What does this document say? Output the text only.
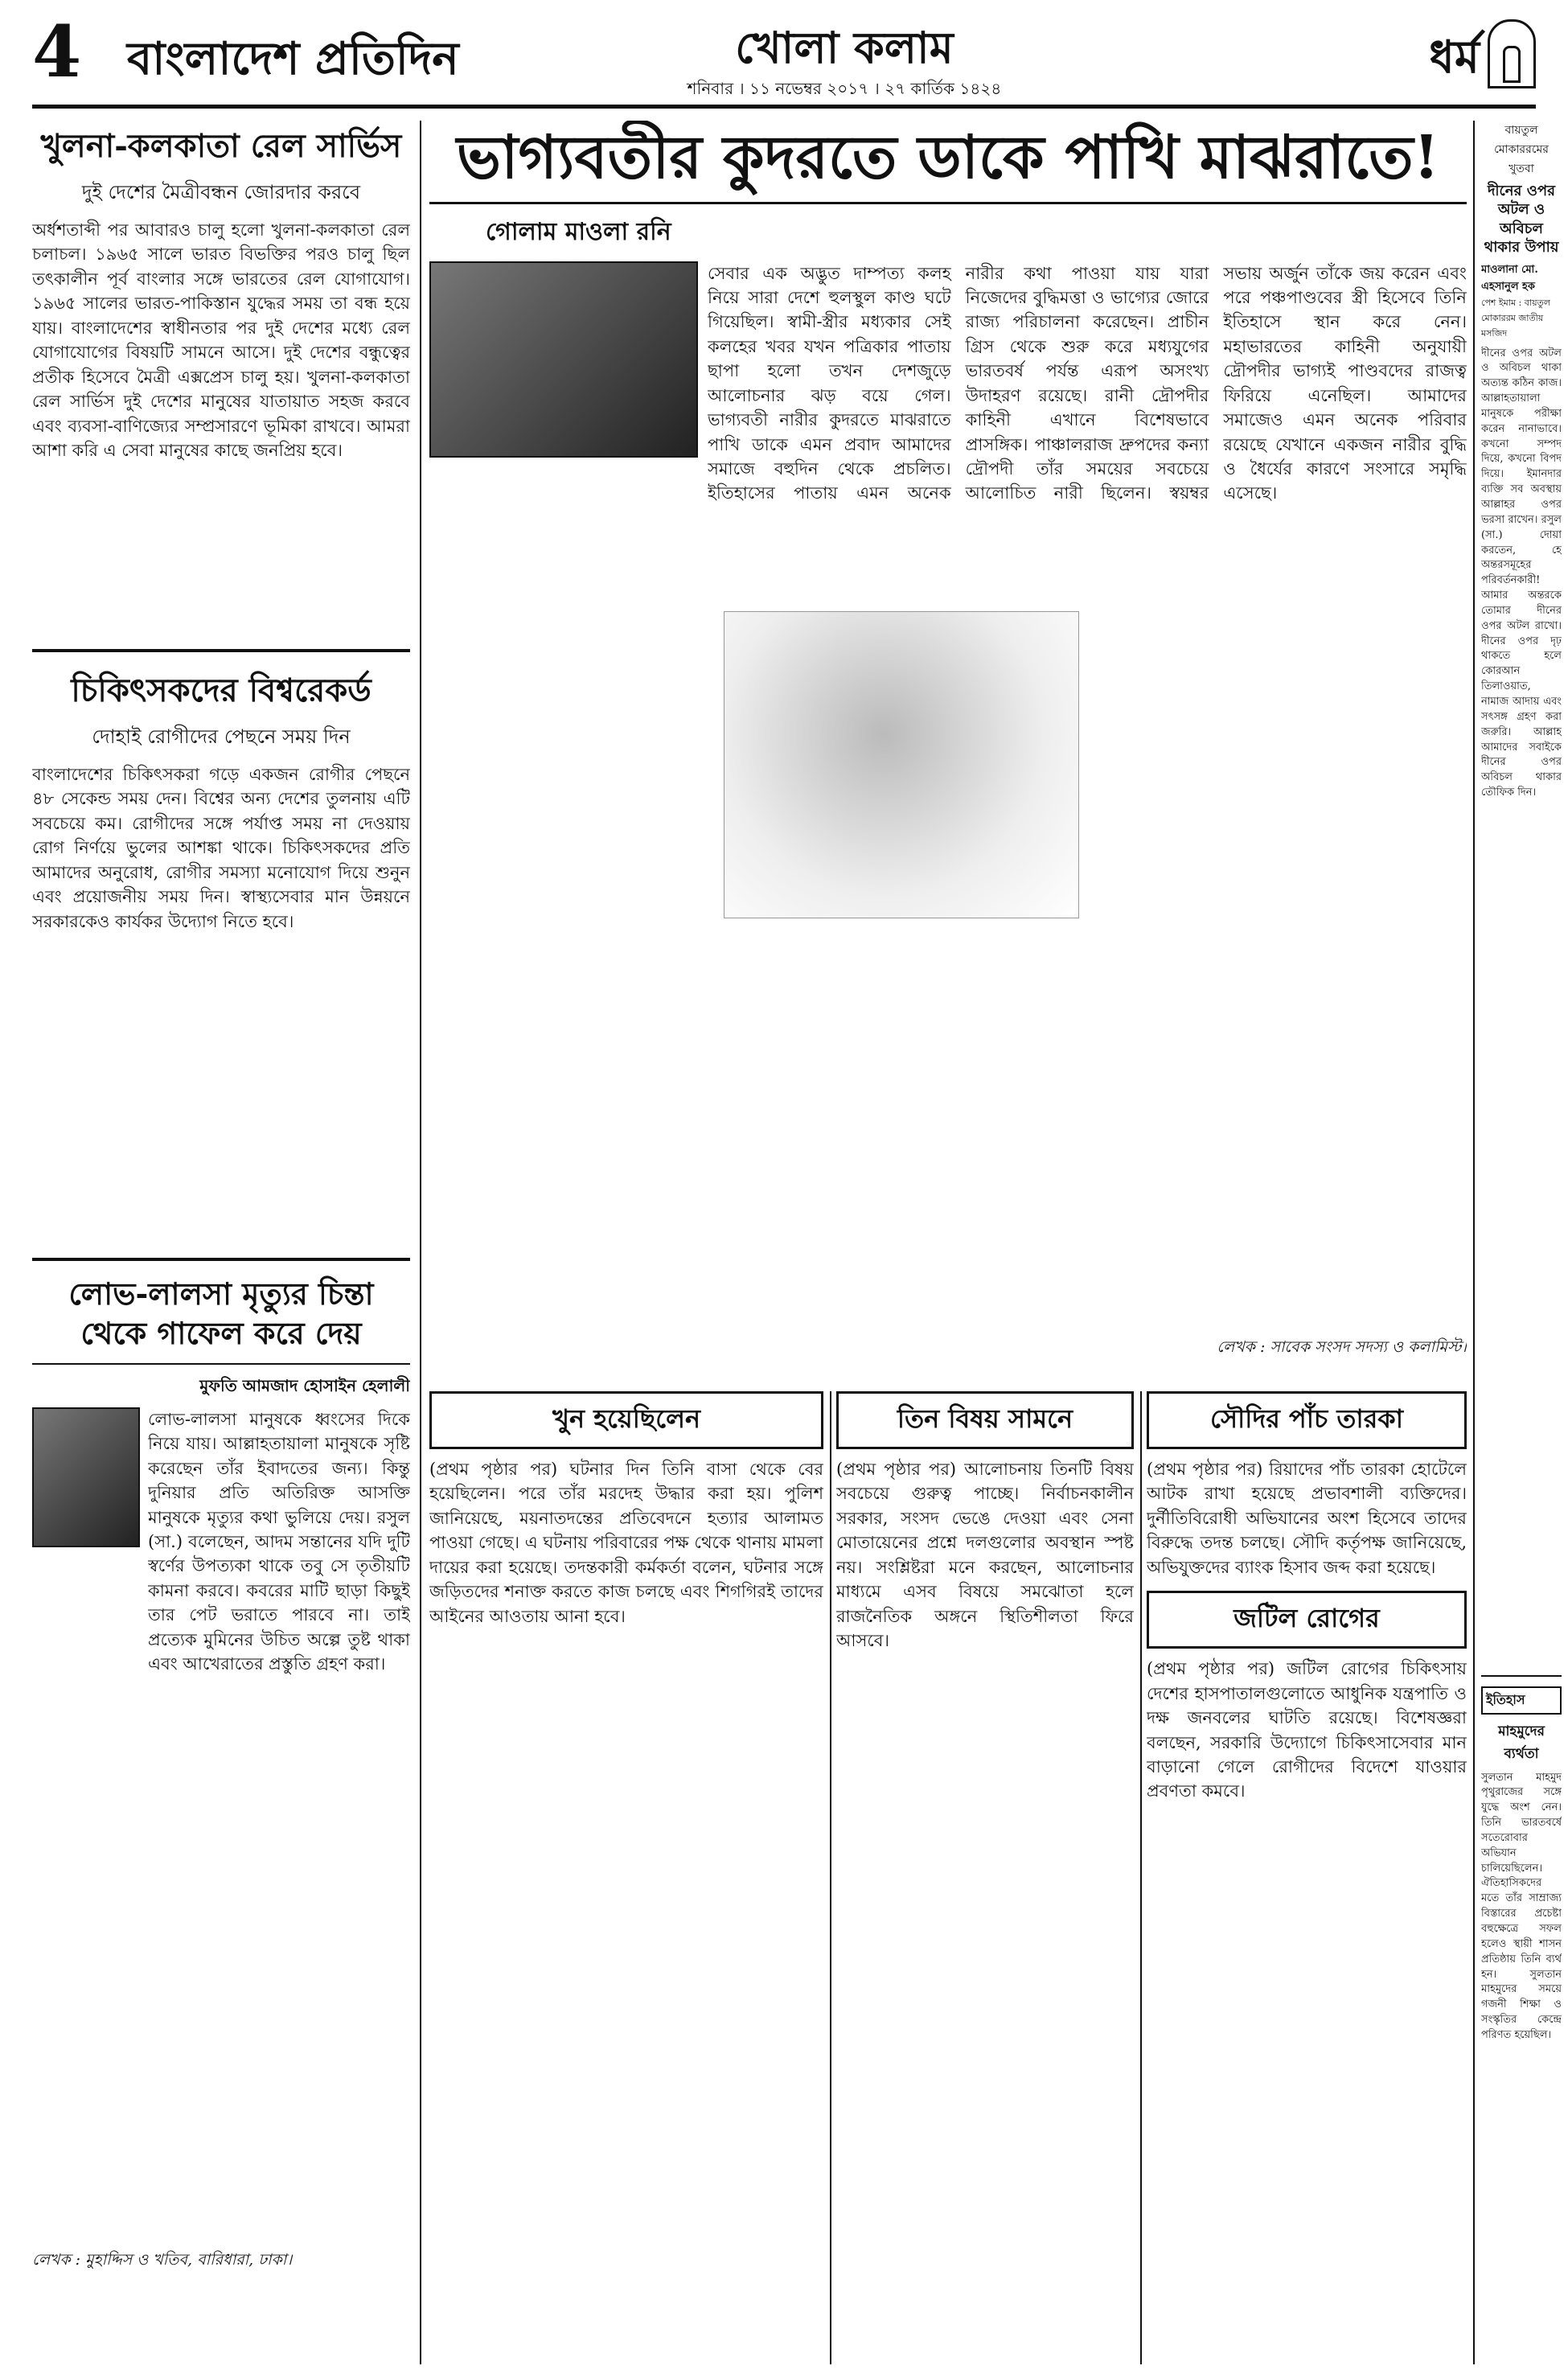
4 বাংলাদেশ প্রতিদিন	খোলা কলাম
শনিবার । ১১ নভেম্বর ২০১৭ । ২৭ কার্তিক ১৪২৪
ধর্ম
খুলনা-কলকাতা রেল সার্ভিস
দুই দেশের মৈত্রীবন্ধন জোরদার করবে
অর্ধশতাব্দী পর আবারও চালু হলো খুলনা-কলকাতা রেল চলাচল। ১৯৬৫ সালে ভারত বিভক্তির পরও চালু ছিল তৎকালীন পূর্ব বাংলার সঙ্গে ভারতের রেল যোগাযোগ। ১৯৬৫ সালের ভারত-পাকিস্তান যুদ্ধের সময় তা বন্ধ হয়ে যায়। বাংলাদেশের স্বাধীনতার পর দুই দেশের মধ্যে রেল যোগাযোগের বিষয়টি সামনে আসে। দুই দেশের বন্ধুত্বের প্রতীক হিসেবে মৈত্রী এক্সপ্রেস চালু হয়। খুলনা-কলকাতা রেল সার্ভিস দুই দেশের মানুষের যাতায়াত সহজ করবে এবং ব্যবসা-বাণিজ্যের সম্প্রসারণে ভূমিকা রাখবে। আমরা আশা করি এ সেবা মানুষের কাছে জনপ্রিয় হবে।
চিকিৎসকদের বিশ্বরেকর্ড
দোহাই রোগীদের পেছনে সময় দিন
বাংলাদেশের চিকিৎসকরা গড়ে একজন রোগীর পেছনে ৪৮ সেকেন্ড সময় দেন। বিশ্বের অন্য দেশের তুলনায় এটি সবচেয়ে কম। রোগীদের সঙ্গে পর্যাপ্ত সময় না দেওয়ায় রোগ নির্ণয়ে ভুলের আশঙ্কা থাকে। চিকিৎসকদের প্রতি আমাদের অনুরোধ, রোগীর সমস্যা মনোযোগ দিয়ে শুনুন এবং প্রয়োজনীয় সময় দিন। স্বাস্থ্যসেবার মান উন্নয়নে সরকারকেও কার্যকর উদ্যোগ নিতে হবে।
লোভ-লালসা মৃত্যুর চিন্তা থেকে গাফেল করে দেয়
মুফতি আমজাদ হোসাইন হেলালী
লোভ-লালসা মানুষকে ধ্বংসের দিকে নিয়ে যায়। আল্লাহতায়ালা মানুষকে সৃষ্টি করেছেন তাঁর ইবাদতের জন্য। কিন্তু দুনিয়ার প্রতি অতিরিক্ত আসক্তি মানুষকে মৃত্যুর কথা ভুলিয়ে দেয়। রসুল (সা.) বলেছেন, আদম সন্তানের যদি দুটি স্বর্ণের উপত্যকা থাকে তবু সে তৃতীয়টি কামনা করবে। কবরের মাটি ছাড়া কিছুই তার পেট ভরাতে পারবে না। তাই প্রত্যেক মুমিনের উচিত অল্পে তুষ্ট থাকা এবং আখেরাতের প্রস্তুতি গ্রহণ করা।
লেখক : মুহাদ্দিস ও খতিব, বারিধারা, ঢাকা।
ভাগ্যবতীর কুদরতে ডাকে পাখি মাঝরাতে!
গোলাম মাওলা রনি
সেবার এক অদ্ভুত দাম্পত্য কলহ নিয়ে সারা দেশে হুলস্থুল কাণ্ড ঘটে গিয়েছিল। স্বামী-স্ত্রীর মধ্যকার সেই কলহের খবর যখন পত্রিকার পাতায় ছাপা হলো তখন দেশজুড়ে আলোচনার ঝড় বয়ে গেল। ভাগ্যবতী নারীর কুদরতে মাঝরাতে পাখি ডাকে এমন প্রবাদ আমাদের সমাজে বহুদিন থেকে প্রচলিত। ইতিহাসের পাতায় এমন অনেক নারীর কথা পাওয়া যায় যারা নিজেদের বুদ্ধিমত্তা ও ভাগ্যের জোরে রাজ্য পরিচালনা করেছেন। প্রাচীন গ্রিস থেকে শুরু করে মধ্যযুগের ভারতবর্ষ পর্যন্ত এরূপ অসংখ্য উদাহরণ রয়েছে। রানী দ্রৌপদীর কাহিনী এখানে বিশেষভাবে প্রাসঙ্গিক। পাঞ্চালরাজ দ্রুপদের কন্যা দ্রৌপদী তাঁর সময়ের সবচেয়ে আলোচিত নারী ছিলেন। স্বয়ম্বর সভায় অর্জুন তাঁকে জয় করেন এবং পরে পঞ্চপাণ্ডবের স্ত্রী হিসেবে তিনি ইতিহাসে স্থান করে নেন। মহাভারতের কাহিনী অনুযায়ী দ্রৌপদীর ভাগ্যই পাণ্ডবদের রাজত্ব ফিরিয়ে এনেছিল। আমাদের সমাজেও এমন অনেক পরিবার রয়েছে যেখানে একজন নারীর বুদ্ধি ও ধৈর্যের কারণে সংসারে সমৃদ্ধি এসেছে।
লেখক : সাবেক সংসদ সদস্য ও কলামিস্ট।
খুন হয়েছিলেন
(প্রথম পৃষ্ঠার পর) ঘটনার দিন তিনি বাসা থেকে বের হয়েছিলেন। পরে তাঁর মরদেহ উদ্ধার করা হয়। পুলিশ জানিয়েছে, ময়নাতদন্তের প্রতিবেদনে হত্যার আলামত পাওয়া গেছে। এ ঘটনায় পরিবারের পক্ষ থেকে থানায় মামলা দায়ের করা হয়েছে। তদন্তকারী কর্মকর্তা বলেন, ঘটনার সঙ্গে জড়িতদের শনাক্ত করতে কাজ চলছে এবং শিগগিরই তাদের আইনের আওতায় আনা হবে।
তিন বিষয় সামনে
(প্রথম পৃষ্ঠার পর) আলোচনায় তিনটি বিষয় সবচেয়ে গুরুত্ব পাচ্ছে। নির্বাচনকালীন সরকার, সংসদ ভেঙে দেওয়া এবং সেনা মোতায়েনের প্রশ্নে দলগুলোর অবস্থান স্পষ্ট নয়। সংশ্লিষ্টরা মনে করছেন, আলোচনার মাধ্যমে এসব বিষয়ে সমঝোতা হলে রাজনৈতিক অঙ্গনে স্থিতিশীলতা ফিরে আসবে।
সৌদির পাঁচ তারকা
(প্রথম পৃষ্ঠার পর) রিয়াদের পাঁচ তারকা হোটেলে আটক রাখা হয়েছে প্রভাবশালী ব্যক্তিদের। দুর্নীতিবিরোধী অভিযানের অংশ হিসেবে তাদের বিরুদ্ধে তদন্ত চলছে। সৌদি কর্তৃপক্ষ জানিয়েছে, অভিযুক্তদের ব্যাংক হিসাব জব্দ করা হয়েছে।
জটিল রোগের
(প্রথম পৃষ্ঠার পর) জটিল রোগের চিকিৎসায় দেশের হাসপাতালগুলোতে আধুনিক যন্ত্রপাতি ও দক্ষ জনবলের ঘাটতি রয়েছে। বিশেষজ্ঞরা বলছেন, সরকারি উদ্যোগে চিকিৎসাসেবার মান বাড়ানো গেলে রোগীদের বিদেশে যাওয়ার প্রবণতা কমবে।
বায়তুল মোকাররমের খুতবা
দীনের ওপর অটল ও অবিচল থাকার উপায়
মাওলানা মো. এহসানুল হক
পেশ ইমাম : বায়তুল মোকাররম জাতীয় মসজিদ
দীনের ওপর অটল ও অবিচল থাকা অত্যন্ত কঠিন কাজ। আল্লাহতায়ালা মানুষকে পরীক্ষা করেন নানাভাবে। কখনো সম্পদ দিয়ে, কখনো বিপদ দিয়ে। ইমানদার ব্যক্তি সব অবস্থায় আল্লাহর ওপর ভরসা রাখেন। রসুল (সা.) দোয়া করতেন, হে অন্তরসমূহের পরিবর্তনকারী! আমার অন্তরকে তোমার দীনের ওপর অটল রাখো। দীনের ওপর দৃঢ় থাকতে হলে কোরআন তিলাওয়াত, নামাজ আদায় এবং সৎসঙ্গ গ্রহণ করা জরুরি। আল্লাহ আমাদের সবাইকে দীনের ওপর অবিচল থাকার তৌফিক দিন।
ইতিহাস
মাহমুদের ব্যর্থতা
সুলতান মাহমুদ পৃথুরাজের সঙ্গে যুদ্ধে অংশ নেন। তিনি ভারতবর্ষে সতেরোবার অভিযান চালিয়েছিলেন। ঐতিহাসিকদের মতে তাঁর সাম্রাজ্য বিস্তারের প্রচেষ্টা বহুক্ষেত্রে সফল হলেও স্থায়ী শাসন প্রতিষ্ঠায় তিনি ব্যর্থ হন। সুলতান মাহমুদের সময়ে গজনী শিক্ষা ও সংস্কৃতির কেন্দ্রে পরিণত হয়েছিল।
